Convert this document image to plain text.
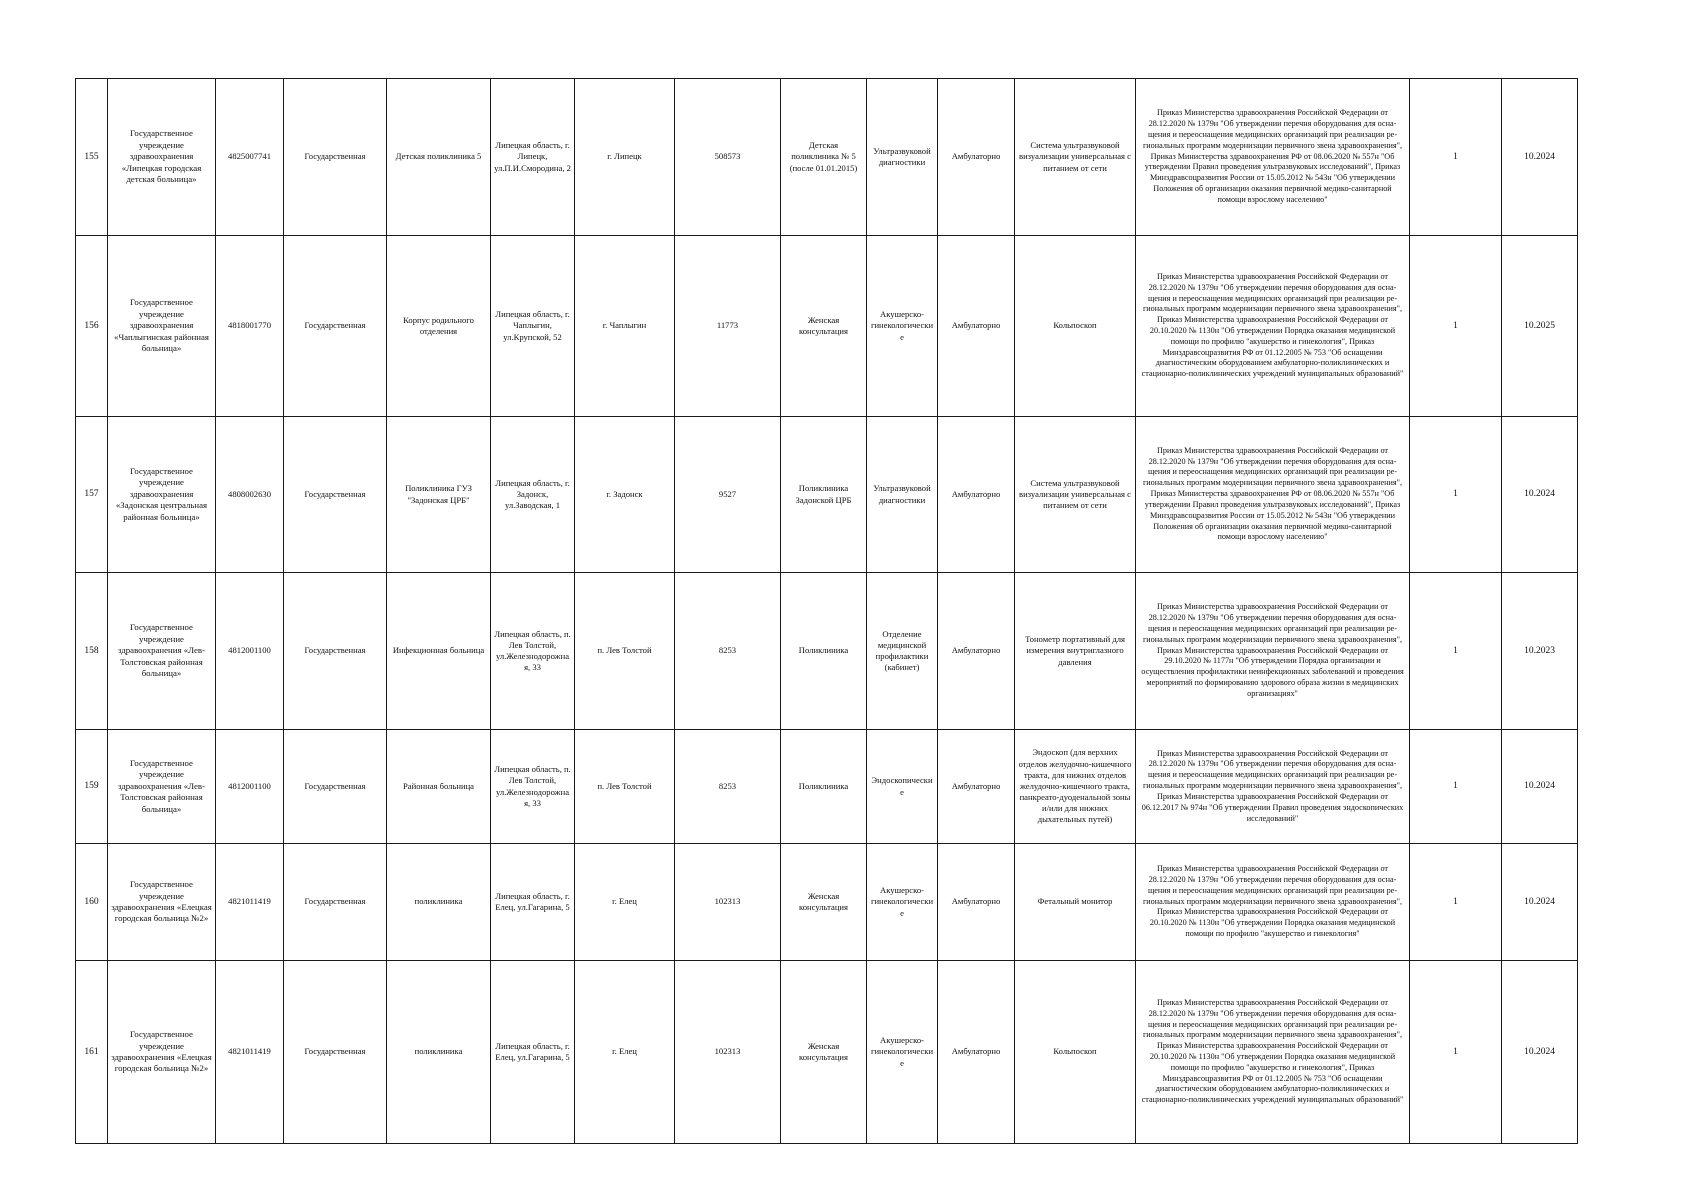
155	Государственное учреждение здравоохранения «Липецкая городская детская больница»	4825007741	Государственная	Детская поликлиника 5	Липецкая область, г. Липецк, ул.П.И.Смородина, 2	г. Липецк	508573	Детская поликлиника № 5 (после 01.01.2015)	Ультразвуковой диагностики	Амбулаторно	Система ультразвуковой визуализации универсальная с питанием от сети	Приказ Министерства здравоохранения Российской Федерации от 28.12.2020 № 1379н "Об утверждении перечня оборудования для осна-щения и переоснащения медицинских организаций при реализации ре-гиональных программ модернизации первичного звена здравоохранения", Приказ Министерства здравоохранения РФ от 08.06.2020 № 557н "Об утверждении Правил проведения ультразвуковых исследований", Приказ Минздравсоцразвития России от 15.05.2012 № 543н "Об утверждении Положения об организации оказания первичной медико-санитарной помощи взрослому населению"	1	10.2024
156	Государственное учреждение здравоохранения «Чаплыгинская районная больница»	4818001770	Государственная	Корпус родильного отделения	Липецкая область, г. Чаплыгин, ул.Крупской, 52	г. Чаплыгин	11773	Женская консультация	Акушерско-гинекологические	Амбулаторно	Кольпоскоп	Приказ Министерства здравоохранения Российской Федерации от 28.12.2020 № 1379н "Об утверждении перечня оборудования для осна-щения и переоснащения медицинских организаций при реализации ре-гиональных программ модернизации первичного звена здравоохранения", Приказ Министерства здравоохранения Российской Федерации от 20.10.2020 № 1130н "Об утверждении Порядка оказания медицинской помощи по профилю "акушерство и гинекология", Приказ Минздравсоцразвития РФ от 01.12.2005 № 753 "Об оснащении диагностическим оборудованием амбулаторно-поликлинических и стационарно-поликлинических учреждений муниципальных образований"	1	10.2025
157	Государственное учреждение здравоохранения «Задонская центральная районная больница»	4808002630	Государственная	Поликлиника ГУЗ "Задонская ЦРБ"	Липецкая область, г. Задонск, ул.Заводская, 1	г. Задонск	9527	Поликлиника Задонской ЦРБ	Ультразвуковой диагностики	Амбулаторно	Система ультразвуковой визуализации универсальная с питанием от сети	Приказ Министерства здравоохранения Российской Федерации от 28.12.2020 № 1379н "Об утверждении перечня оборудования для осна-щения и переоснащения медицинских организаций при реализации ре-гиональных программ модернизации первичного звена здравоохранения", Приказ Министерства здравоохранения РФ от 08.06.2020 № 557н "Об утверждении Правил проведения ультразвуковых исследований", Приказ Минздравсоцразвития России от 15.05.2012 № 543н "Об утверждении Положения об организации оказания первичной медико-санитарной помощи взрослому населению"	1	10.2024
158	Государственное учреждение здравоохранения «Лев-Толстовская районная больница»	4812001100	Государственная	Инфекционная больница	Липецкая область, п. Лев Толстой, ул.Железнодорожная, 33	п. Лев Толстой	8253	Поликлиника	Отделение медицинской профилактики (кабинет)	Амбулаторно	Тонометр портативный для измерения внутриглазного давления	Приказ Министерства здравоохранения Российской Федерации от 28.12.2020 № 1379н "Об утверждении перечня оборудования для осна-щения и переоснащения медицинских организаций при реализации ре-гиональных программ модернизации первичного звена здравоохранения", Приказ Министерства здравоохранения Российской Федерации от 29.10.2020 № 1177н "Об утверждении Порядка организации и осуществления профилактики неинфекционных заболеваний и проведения мероприятий по формированию здорового образа жизни в медицинских организациях"	1	10.2023
159	Государственное учреждение здравоохранения «Лев-Толстовская районная больница»	4812001100	Государственная	Районная больница	Липецкая область, п. Лев Толстой, ул.Железнодорожная, 33	п. Лев Толстой	8253	Поликлиника	Эндоскопические	Амбулаторно	Эндоскоп (для верхних отделов желудочно-кишечного тракта, для нижних отделов желудочно-кишечного тракта, панкреато-дуоденальной зоны и/или для нижних дыхательных путей)	Приказ Министерства здравоохранения Российской Федерации от 28.12.2020 № 1379н "Об утверждении перечня оборудования для осна-щения и переоснащения медицинских организаций при реализации ре-гиональных программ модернизации первичного звена здравоохранения", Приказ Министерства здравоохранения Российской Федерации от 06.12.2017 № 974н "Об утверждении Правил проведения эндоскопических исследований"	1	10.2024
160	Государственное учреждение здравоохранения «Елецкая городская больница №2»	4821011419	Государственная	поликлиника	Липецкая область, г. Елец, ул.Гагарина, 5	г. Елец	102313	Женская консультация	Акушерско-гинекологические	Амбулаторно	Фетальный монитор	Приказ Министерства здравоохранения Российской Федерации от 28.12.2020 № 1379н "Об утверждении перечня оборудования для осна-щения и переоснащения медицинских организаций при реализации ре-гиональных программ модернизации первичного звена здравоохранения", Приказ Министерства здравоохранения Российской Федерации от 20.10.2020 № 1130н "Об утверждении Порядка оказания медицинской помощи по профилю "акушерство и гинекология"	1	10.2024
161	Государственное учреждение здравоохранения «Елецкая городская больница №2»	4821011419	Государственная	поликлиника	Липецкая область, г. Елец, ул.Гагарина, 5	г. Елец	102313	Женская консультация	Акушерско-гинекологические	Амбулаторно	Кольпоскоп	Приказ Министерства здравоохранения Российской Федерации от 28.12.2020 № 1379н "Об утверждении перечня оборудования для осна-щения и переоснащения медицинских организаций при реализации ре-гиональных программ модернизации первичного звена здравоохранения", Приказ Министерства здравоохранения Российской Федерации от 20.10.2020 № 1130н "Об утверждении Порядка оказания медицинской помощи по профилю "акушерство и гинекология", Приказ Минздравсоцразвития РФ от 01.12.2005 № 753 "Об оснащении диагностическим оборудованием амбулаторно-поликлинических и стационарно-поликлинических учреждений муниципальных образований"	1	10.2024
